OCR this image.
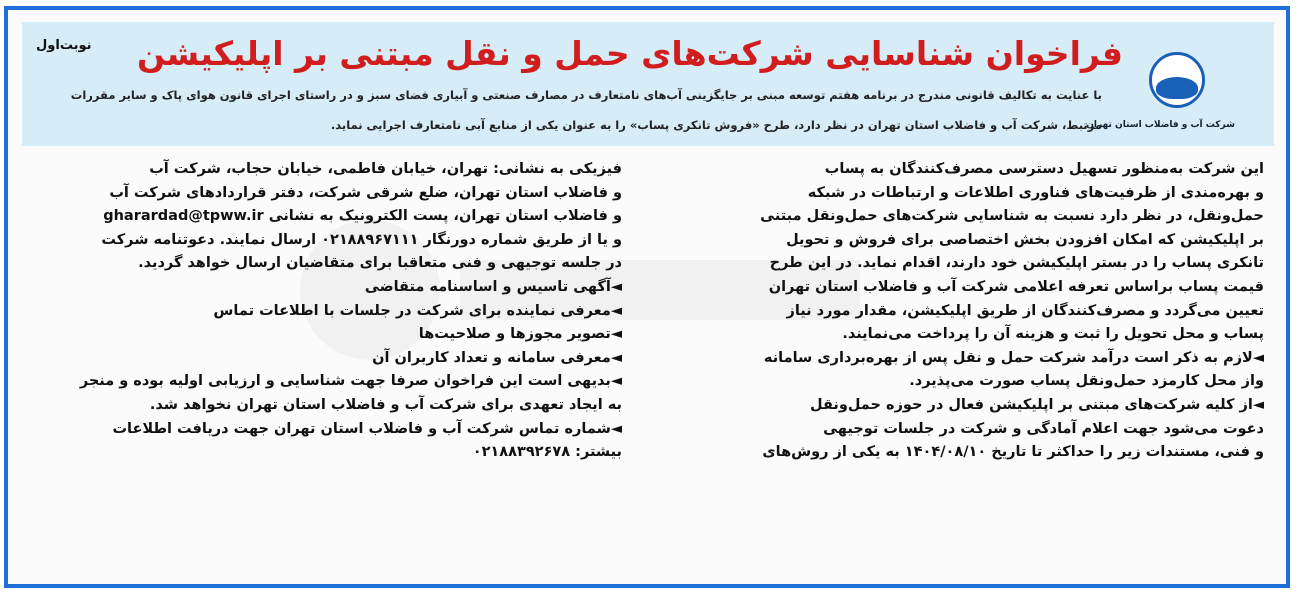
نوبت‌اول فراخوان شناسایی شرکت‌های حمل و نقل مبتنی بر اپلیکیشن
با عنایت به تکالیف قانونی مندرج در برنامه هفتم توسعه مبنی بر جایگزینی آب‌های نامتعارف در مصارف صنعتی و آبیاری فضای سبز و در راستای اجرای قانون هوای پاک و سایر مقررات
مرتبط، شرکت آب و فاضلاب استان تهران در نظر دارد، طرح «فروش تانکری پساب» را به عنوان یکی از منابع آبی نامتعارف اجرایی نماید.
شرکت آب و فاضلاب استان تهران

این شرکت به‌منظور تسهیل دسترسی مصرف‌کنندگان به پساب

و بهره‌مندی از ظرفیت‌های فناوری اطلاعات و ارتباطات در شبکه

حمل‌ونقل، در نظر دارد نسبت به شناسایی شرکت‌های حمل‌ونقل مبتنی

بر اپلیکیشن که امکان افزودن بخش اختصاصی برای فروش و تحویل

تانکری پساب را در بستر اپلیکیشن خود دارند، اقدام نماید. در این طرح

قیمت پساب براساس تعرفه اعلامی شرکت آب و فاضلاب استان تهران

تعیین می‌گردد و مصرف‌کنندگان از طریق اپلیکیشن، مقدار مورد نیاز

پساب و محل تحویل را ثبت و هزینه آن را پرداخت می‌نمایند.

◄لازم به ذکر است درآمد شرکت حمل و نقل پس از بهره‌برداری سامانه

واز محل کارمزد حمل‌ونقل پساب صورت می‌پذیرد.

◄از کلیه شرکت‌های مبتنی بر اپلیکیشن فعال در حوزه حمل‌ونقل

دعوت می‌شود جهت اعلام آمادگی و شرکت در جلسات توجیهی

و فنی، مستندات زیر را حداکثر تا تاریخ ۱۴۰۴/۰۸/۱۰ به یکی از روش‌های

فیزیکی به نشانی: تهران، خیابان فاطمی، خیابان حجاب، شرکت آب

و فاضلاب استان تهران، ضلع شرقی شرکت، دفتر قراردادهای شرکت آب

و فاضلاب استان تهران، پست الکترونیک به نشانی gharardad@tpww.ir

و یا از طریق شماره دورنگار ۰۲۱۸۸۹۶۷۱۱۱ ارسال نمایند. دعوتنامه شرکت

در جلسه توجیهی و فنی متعاقبا برای متقاضیان ارسال خواهد گردید.

◄آگهی تاسیس و اساسنامه متقاضی

◄معرفی نماینده برای شرکت در جلسات با اطلاعات تماس

◄تصویر مجوزها و صلاحیت‌ها

◄معرفی سامانه و تعداد کاربران آن

◄بدیهی است این فراخوان صرفا جهت شناسایی و ارزیابی اولیه بوده و منجر

به ایجاد تعهدی برای شرکت آب و فاضلاب استان تهران نخواهد شد.

◄شماره تماس شرکت آب و فاضلاب استان تهران جهت دریافت اطلاعات

بیشتر: ۰۲۱۸۸۳۹۲۶۷۸
